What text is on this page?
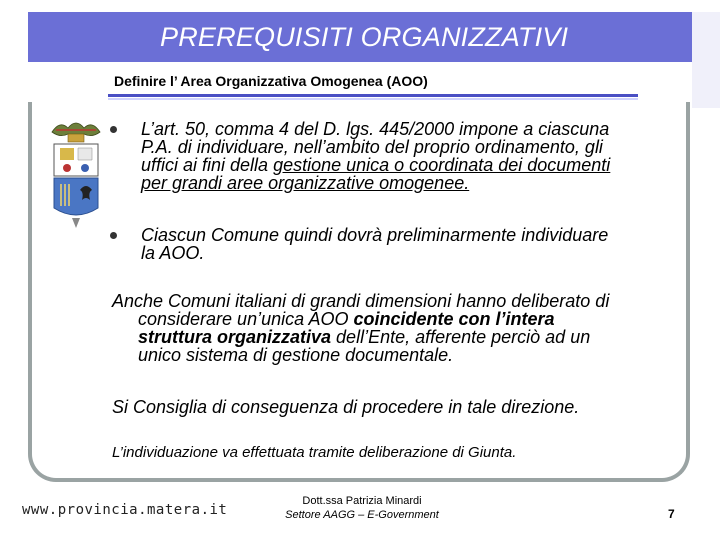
PREREQUISITI ORGANIZZATIVI
Definire l’ Area Organizzativa Omogenea (AOO)
L’art. 50, comma 4 del D. lgs. 445/2000 impone a ciascuna
P.A. di individuare, nell’ambito del proprio ordinamento, gli
uffici ai fini della gestione unica o coordinata dei documenti
per grandi aree organizzative omogenee.
Ciascun Comune quindi dovrà preliminarmente individuare
la AOO.
Anche Comuni italiani di grandi dimensioni hanno deliberato di
considerare un’unica AOO coincidente con l’intera
struttura organizzativa dell’Ente, afferente perciò ad un
unico sistema di gestione documentale.
Si Consiglia di conseguenza di procedere in tale direzione.
L’individuazione va effettuata tramite deliberazione di Giunta.
www.provincia.matera.it
Dott.ssa Patrizia Minardi
Settore AAGG – E-Government	7
